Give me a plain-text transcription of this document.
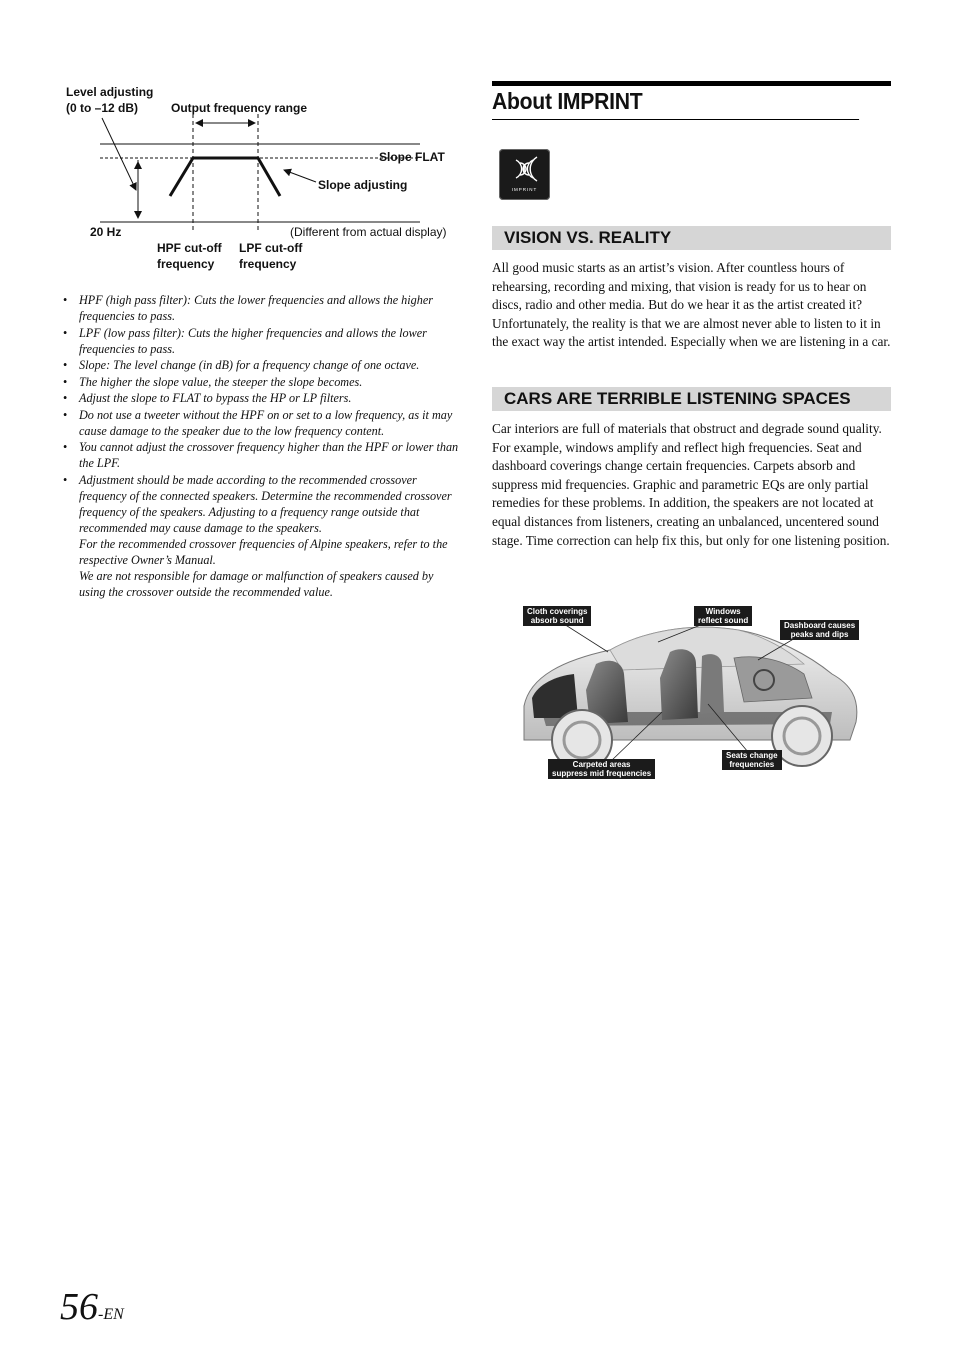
Level adjusting
(0 to –12 dB)	Output frequency range
Slope FLAT
Slope adjusting
20 Hz	(Different from actual display)
HPF cut-off
frequency
LPF cut-off
frequency
• HPF (high pass filter): Cuts the lower frequencies and allows the higher frequencies to pass.
• LPF (low pass filter): Cuts the higher frequencies and allows the lower frequencies to pass.
• Slope: The level change (in dB) for a frequency change of one octave.
• The higher the slope value, the steeper the slope becomes.
• Adjust the slope to FLAT to bypass the HP or LP filters.
• Do not use a tweeter without the HPF on or set to a low frequency, as it may cause damage to the speaker due to the low frequency content.
• You cannot adjust the crossover frequency higher than the HPF or lower than the LPF.
• Adjustment should be made according to the recommended crossover frequency of the connected speakers. Determine the recommended crossover frequency of the speakers. Adjusting to a frequency range outside that recommended may cause damage to the speakers.
For the recommended crossover frequencies of Alpine speakers, refer to the respective Owner’s Manual.
We are not responsible for damage or malfunction of speakers caused by using the crossover outside the recommended value.
About IMPRINT
IMPRINT
VISION VS. REALITY

All good music starts as an artist’s vision. After countless hours of rehearsing, recording and mixing, that vision is ready for us to hear on discs, radio and other media. But do we hear it as the artist created it? Unfortunately, the reality is that we are almost never able to listen to it in the exact way the artist intended. Especially when we are listening in a car.

CARS ARE TERRIBLE LISTENING SPACES

Car interiors are full of materials that obstruct and degrade sound quality. For example, windows amplify and reflect high frequencies. Seat and dashboard coverings change certain frequencies. Carpets absorb and suppress mid frequencies. Graphic and parametric EQs are only partial remedies for these problems. In addition, the speakers are not located at equal distances from listeners, creating an unbalanced, uncentered sound stage. Time correction can help fix this, but only for one listening position.

Cloth coverings
absorb sound
Windows
reflect sound
Dashboard causes
peaks and dips
Carpeted areas
suppress mid frequencies
Seats change
frequencies
56-EN
